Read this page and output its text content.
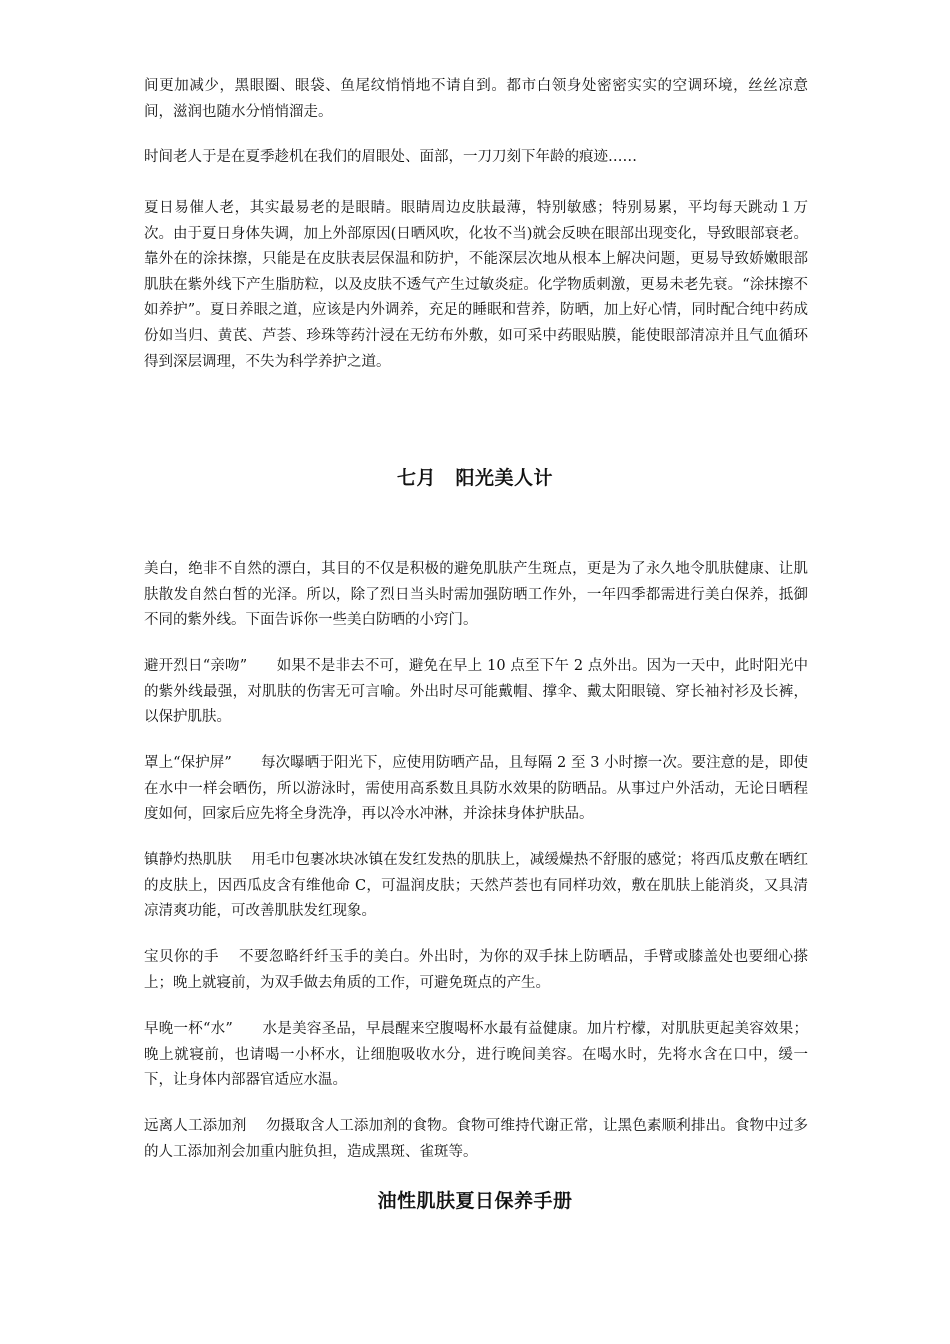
间更加减少，黑眼圈、眼袋、鱼尾纹悄悄地不请自到。都市白领身处密密实实的空调环境，丝丝凉意间，滋润也随水分悄悄溜走。

时间老人于是在夏季趁机在我们的眉眼处、面部，一刀刀刻下年龄的痕迹……

夏日易催人老，其实最易老的是眼睛。眼睛周边皮肤最薄，特别敏感；特别易累，平均每天跳动１万次。由于夏日身体失调，加上外部原因(日晒风吹，化妆不当)就会反映在眼部出现变化，导致眼部衰老。靠外在的涂抹擦，只能是在皮肤表层保温和防护，不能深层次地从根本上解决问题，更易导致娇嫩眼部肌肤在紫外线下产生脂肪粒，以及皮肤不透气产生过敏炎症。化学物质刺激，更易未老先衰。“涂抹擦不如养护”。夏日养眼之道，应该是内外调养，充足的睡眠和营养，防晒，加上好心情，同时配合纯中药成份如当归、黄芪、芦荟、珍珠等药汁浸在无纺布外敷，如可采中药眼贴膜，能使眼部清凉并且气血循环得到深层调理，不失为科学养护之道。

七月　阳光美人计

美白，绝非不自然的漂白，其目的不仅是积极的避免肌肤产生斑点，更是为了永久地令肌肤健康、让肌肤散发自然白皙的光泽。所以，除了烈日当头时需加强防晒工作外，一年四季都需进行美白保养，抵御不同的紫外线。下面告诉你一些美白防晒的小窍门。

避开烈日“亲吻”　　 如果不是非去不可，避免在早上 10 点至下午 2 点外出。因为一天中，此时阳光中的紫外线最强，对肌肤的伤害无可言喻。外出时尽可能戴帽、撑伞、戴太阳眼镜、穿长袖衬衫及长裤，以保护肌肤。

罩上“保护屏”　　 每次曝晒于阳光下，应使用防晒产品，且每隔 2 至 3 小时擦一次。要注意的是，即使在水中一样会晒伤，所以游泳时，需使用高系数且具防水效果的防晒品。从事过户外活动，无论日晒程度如何，回家后应先将全身洗净，再以冷水冲淋，并涂抹身体护肤品。

镇静灼热肌肤　 用毛巾包裹冰块冰镇在发红发热的肌肤上，减缓燥热不舒服的感觉；将西瓜皮敷在晒红的皮肤上，因西瓜皮含有维他命 C，可温润皮肤；天然芦荟也有同样功效，敷在肌肤上能消炎，又具清凉清爽功能，可改善肌肤发红现象。

宝贝你的手　 不要忽略纤纤玉手的美白。外出时，为你的双手抹上防晒品，手臂或膝盖处也要细心搽上；晚上就寝前，为双手做去角质的工作，可避免斑点的产生。

早晚一杯“水”　　 水是美容圣品，早晨醒来空腹喝杯水最有益健康。加片柠檬，对肌肤更起美容效果；晚上就寝前，也请喝一小杯水，让细胞吸收水分，进行晚间美容。在喝水时，先将水含在口中，缓一下，让身体内部器官适应水温。

远离人工添加剂　 勿摄取含人工添加剂的食物。食物可维持代谢正常，让黑色素顺利排出。食物中过多的人工添加剂会加重内脏负担，造成黑斑、雀斑等。

油性肌肤夏日保养手册
